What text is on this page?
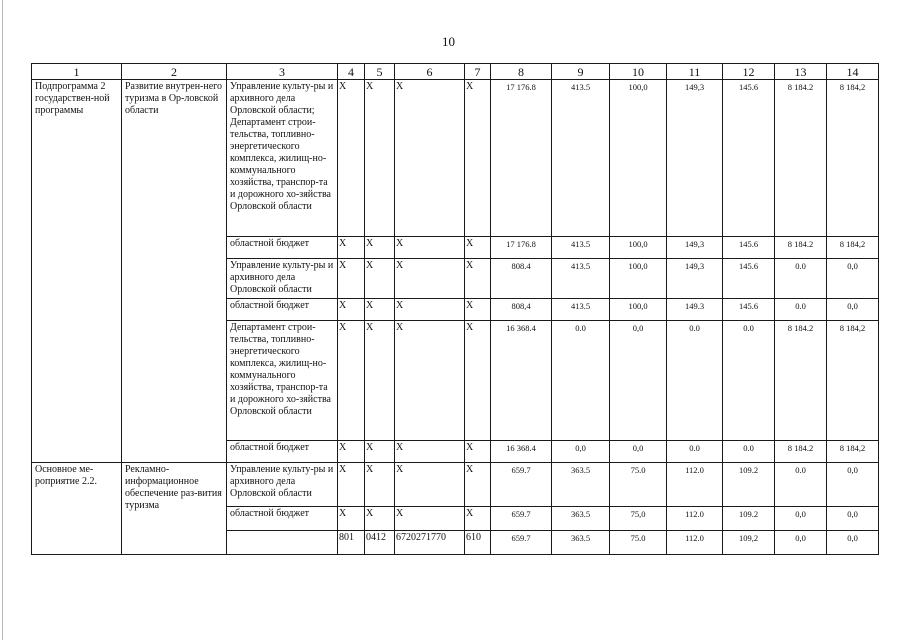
10
1	2	3	4	5	6	7	8	9	10	11	12	13	14
Подпрограмма 2 государствен-ной программы	Развитие внутрен-него туризма в Ор-ловской области	Управление культу-ры и архивного дела Орловской области; Департамент строи-тельства, топливно-энергетического комплекса, жилищ-но-коммунального хозяйства, транспор-та и дорожного хо-зяйства Орловской области	X	X	X	X	17 176.8	413.5	100,0	149,3	145.6	8 184.2	8 184,2
		областной бюджет	X	X	X	X	17 176.8	413.5	100,0	149,3	145.6	8 184.2	8 184,2
		Управление культу-ры и архивного дела Орловской области	X	X	X	X	808.4	413.5	100,0	149,3	145.6	0.0	0,0
		областной бюджет	X	X	X	X	808,4	413.5	100,0	149.3	145.6	0.0	0,0
		Департамент строи-тельства, топливно-энергетического комплекса, жилищ-но-коммунального хозяйства, транспор-та и дорожного хо-зяйства Орловской области	X	X	X	X	16 368.4	0.0	0,0	0.0	0.0	8 184.2	8 184,2
		областной бюджет	X	X	X	X	16 368.4	0,0	0,0	0.0	0.0	8 184.2	8 184,2
Основное ме-роприятие 2.2.	Рекламно-информационное обеспечение раз-вития туризма	Управление культу-ры и архивного дела Орловской области	X	X	X	X	659.7	363.5	75.0	112.0	109.2	0.0	0,0
		областной бюджет	X	X	X	X	659.7	363.5	75,0	112.0	109.2	0,0	0,0
			801	0412	6720271770	610	659.7	363.5	75.0	112.0	109,2	0,0	0,0
